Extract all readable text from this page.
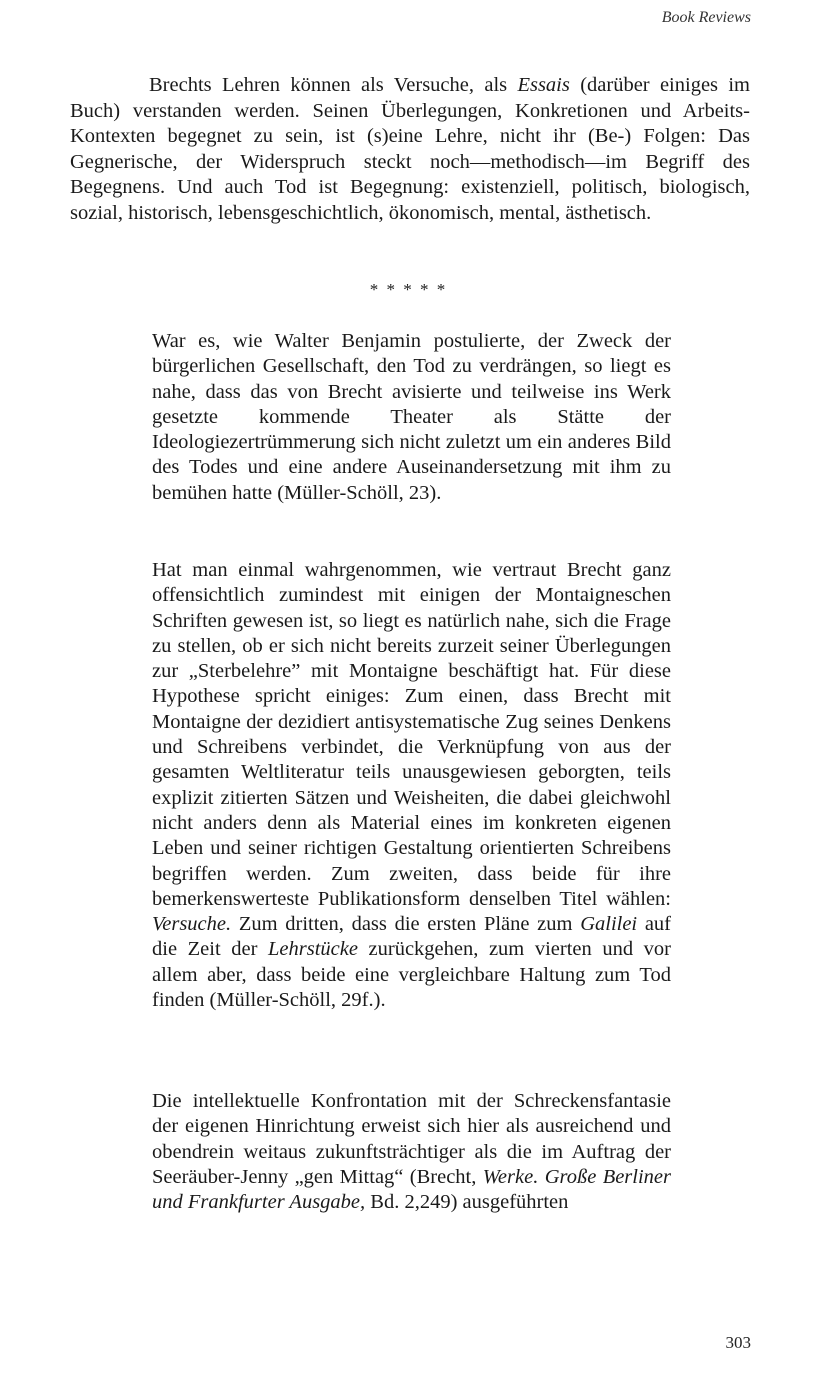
Book Reviews

Brechts Lehren können als Versuche, als Essais (darüber einiges im Buch) verstanden werden. Seinen Überlegungen, Konkretionen und Arbeits-Kontexten begegnet zu sein, ist (s)eine Lehre, nicht ihr (Be-) Folgen: Das Gegnerische, der Widerspruch steckt noch—methodisch—im Begriff des Begegnens. Und auch Tod ist Begegnung: existenziell, politisch, biologisch, sozial, historisch, lebensgeschichtlich, ökonomisch, mental, ästhetisch.

* * * * *

War es, wie Walter Benjamin postulierte, der Zweck der bürgerlichen Gesellschaft, den Tod zu verdrängen, so liegt es nahe, dass das von Brecht avisierte und teilweise ins Werk gesetzte kommende Theater als Stätte der Ideologiezertrümmerung sich nicht zuletzt um ein anderes Bild des Todes und eine andere Auseinandersetzung mit ihm zu bemühen hatte (Müller-Schöll, 23).

Hat man einmal wahrgenommen, wie vertraut Brecht ganz offensichtlich zumindest mit einigen der Montaigneschen Schriften gewesen ist, so liegt es natürlich nahe, sich die Frage zu stellen, ob er sich nicht bereits zurzeit seiner Überlegungen zur „Sterbelehre” mit Montaigne beschäftigt hat. Für diese Hypothese spricht einiges: Zum einen, dass Brecht mit Montaigne der dezidiert antisystematische Zug seines Denkens und Schreibens verbindet, die Verknüpfung von aus der gesamten Weltliteratur teils unausgewiesen geborgten, teils explizit zitierten Sätzen und Weisheiten, die dabei gleichwohl nicht anders denn als Material eines im konkreten eigenen Leben und seiner richtigen Gestaltung orientierten Schreibens begriffen werden. Zum zweiten, dass beide für ihre bemerkenswerteste Publikationsform denselben Titel wählen: Versuche. Zum dritten, dass die ersten Pläne zum Galilei auf die Zeit der Lehrstücke zurückgehen, zum vierten und vor allem aber, dass beide eine vergleichbare Haltung zum Tod finden (Müller-Schöll, 29f.).

Die intellektuelle Konfrontation mit der Schreckensfantasie der eigenen Hinrichtung erweist sich hier als ausreichend und obendrein weitaus zukunftsträchtiger als die im Auftrag der Seeräuber-Jenny „gen Mittag“ (Brecht, Werke. Große Berliner und Frankfurter Ausgabe, Bd. 2,249) ausgeführten

303
